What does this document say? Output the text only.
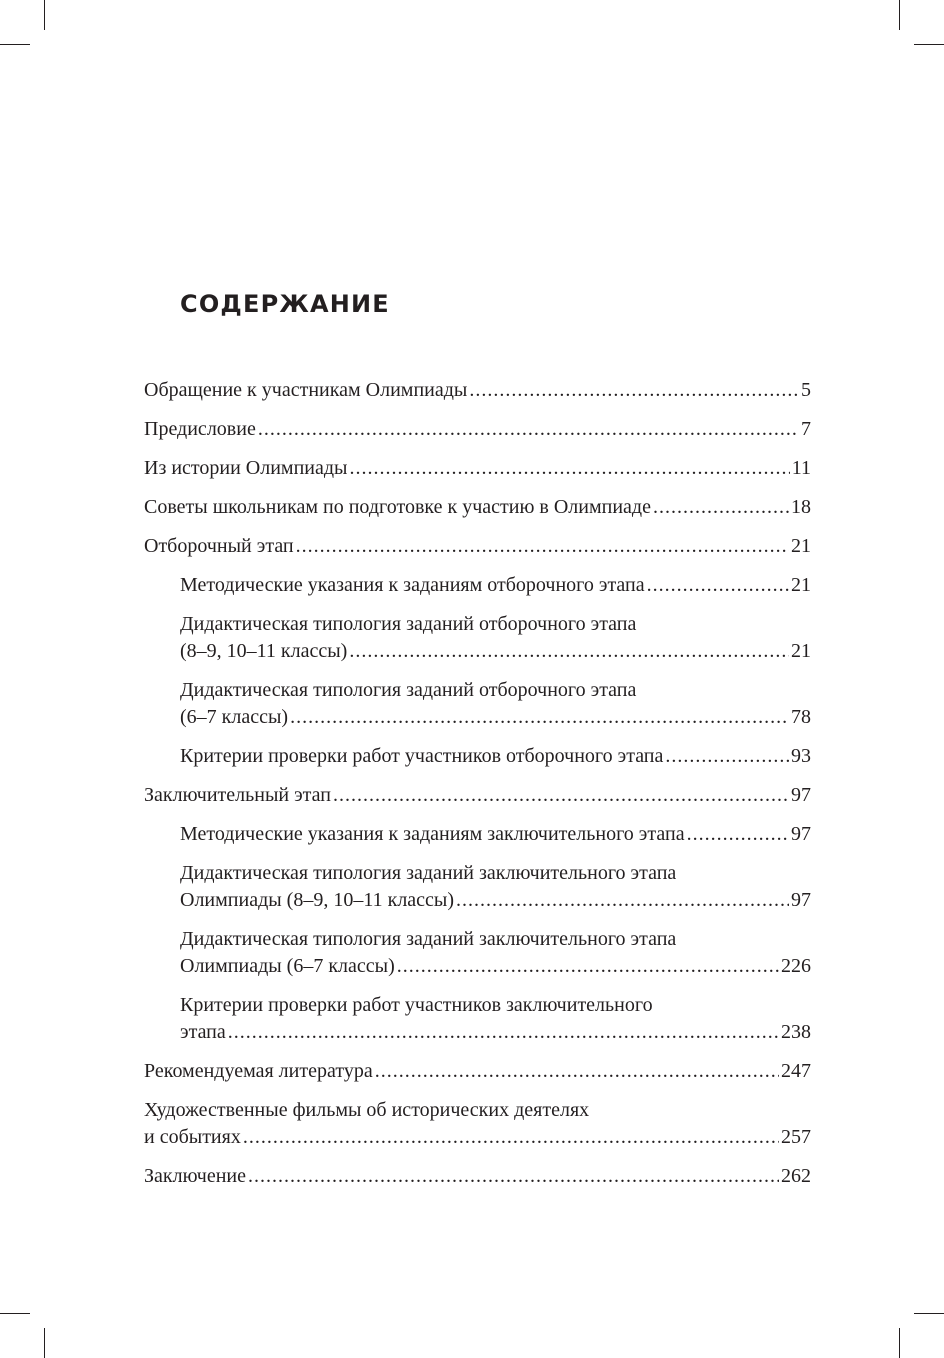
СОДЕРЖАНИЕ
Обращение к участникам Олимпиады .....	5
Предисловие .....	7
Из истории Олимпиады .....	11
Советы школьникам по подготовке к участию в Олимпиаде .....	18
Отборочный этап .....	21
Методические указания к заданиям отборочного этапа .....	21
Дидактическая типология заданий отборочного этапа
(8–9, 10–11 классы) .....	21
Дидактическая типология заданий отборочного этапа
(6–7 классы) .....	78
Критерии проверки работ участников отборочного этапа .....	93
Заключительный этап .....	97
Методические указания к заданиям заключительного этапа .....	97
Дидактическая типология заданий заключительного этапа
Олимпиады (8–9, 10–11 классы) .....	97
Дидактическая типология заданий заключительного этапа
Олимпиады (6–7 классы) .....	226
Критерии проверки работ участников заключительного
этапа .....	238
Рекомендуемая литература .....	247
Художественные фильмы об исторических деятелях
и событиях .....	257
Заключение .....	262
